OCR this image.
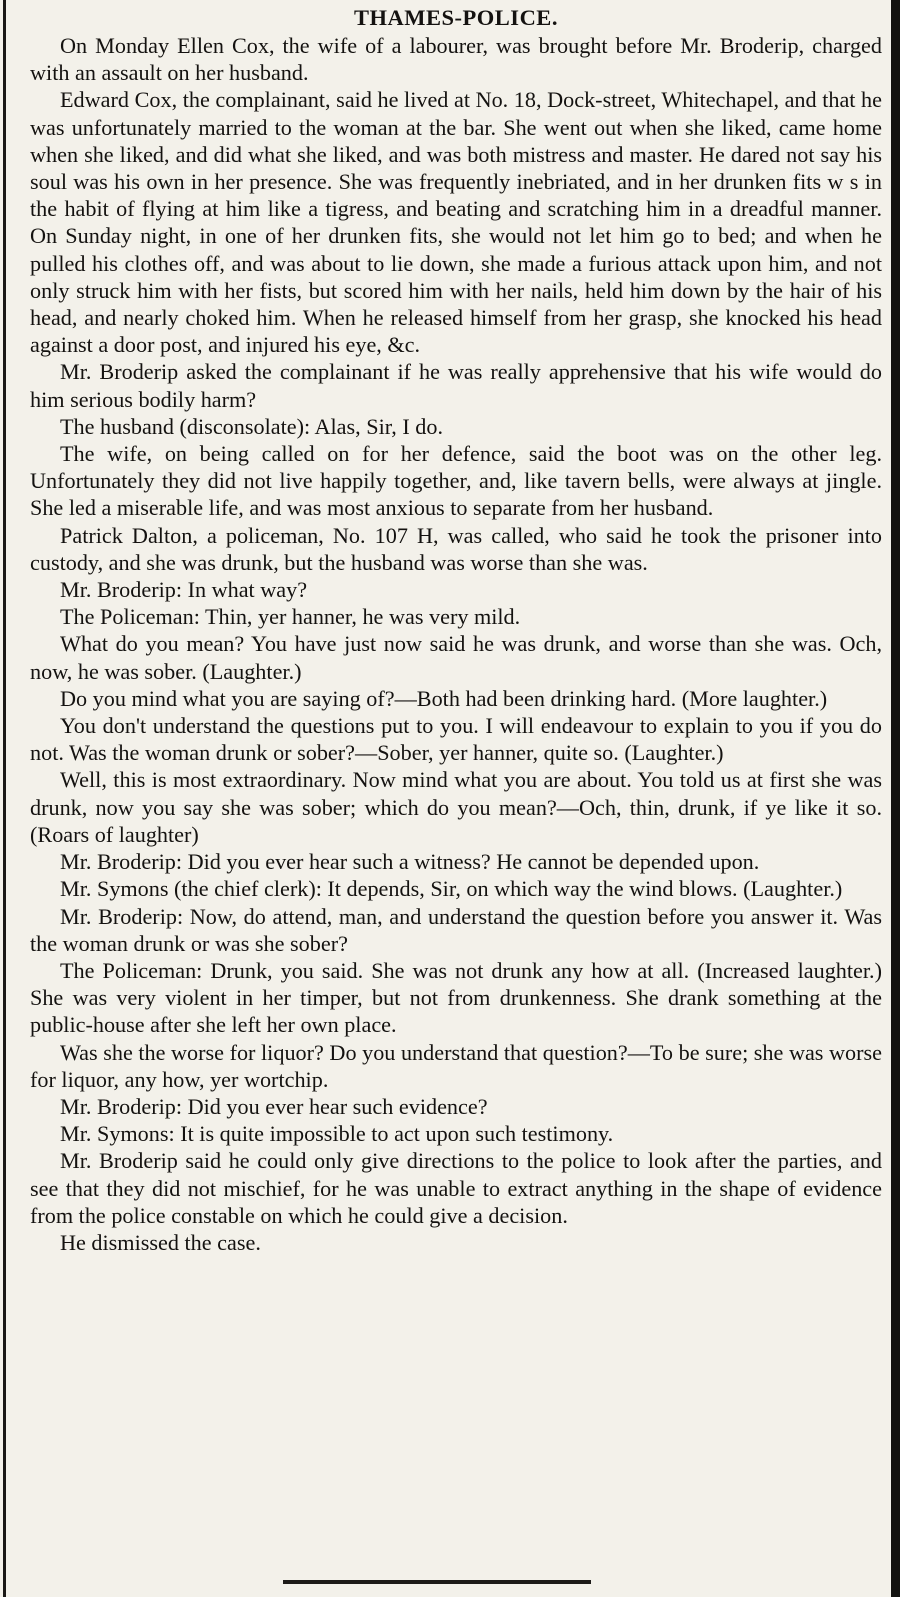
THAMES-POLICE.

On Monday Ellen Cox, the wife of a labourer, was brought before Mr. Broderip, charged with an assault on her husband.

Edward Cox, the complainant, said he lived at No. 18, Dock-street, Whitechapel, and that he was unfortunately married to the woman at the bar. She went out when she liked, came home when she liked, and did what she liked, and was both mistress and master. He dared not say his soul was his own in her presence. She was frequently inebriated, and in her drunken fits w s in the habit of flying at him like a tigress, and beating and scratching him in a dreadful manner. On Sunday night, in one of her drunken fits, she would not let him go to bed; and when he pulled his clothes off, and was about to lie down, she made a furious attack upon him, and not only struck him with her fists, but scored him with her nails, held him down by the hair of his head, and nearly choked him. When he released himself from her grasp, she knocked his head against a door post, and injured his eye, &c.

Mr. Broderip asked the complainant if he was really apprehensive that his wife would do him serious bodily harm?

The husband (disconsolate): Alas, Sir, I do.

The wife, on being called on for her defence, said the boot was on the other leg. Unfortunately they did not live happily together, and, like tavern bells, were always at jingle. She led a miserable life, and was most anxious to separate from her husband.

Patrick Dalton, a policeman, No. 107 H, was called, who said he took the prisoner into custody, and she was drunk, but the husband was worse than she was.

Mr. Broderip: In what way?

The Policeman: Thin, yer hanner, he was very mild.

What do you mean? You have just now said he was drunk, and worse than she was. Och, now, he was sober. (Laughter.)

Do you mind what you are saying of?—Both had been drinking hard. (More laughter.)

You don't understand the questions put to you. I will endeavour to explain to you if you do not. Was the woman drunk or sober?—Sober, yer hanner, quite so. (Laughter.)

Well, this is most extraordinary. Now mind what you are about. You told us at first she was drunk, now you say she was sober; which do you mean?—Och, thin, drunk, if ye like it so. (Roars of laughter)

Mr. Broderip: Did you ever hear such a witness? He cannot be depended upon.

Mr. Symons (the chief clerk): It depends, Sir, on which way the wind blows. (Laughter.)

Mr. Broderip: Now, do attend, man, and understand the question before you answer it. Was the woman drunk or was she sober?

The Policeman: Drunk, you said. She was not drunk any how at all. (Increased laughter.) She was very violent in her timper, but not from drunkenness. She drank something at the public-house after she left her own place.

Was she the worse for liquor? Do you understand that question?—To be sure; she was worse for liquor, any how, yer wortchip.

Mr. Broderip: Did you ever hear such evidence?

Mr. Symons: It is quite impossible to act upon such testimony.

Mr. Broderip said he could only give directions to the police to look after the parties, and see that they did not mischief, for he was unable to extract anything in the shape of evidence from the police constable on which he could give a decision.

He dismissed the case.
